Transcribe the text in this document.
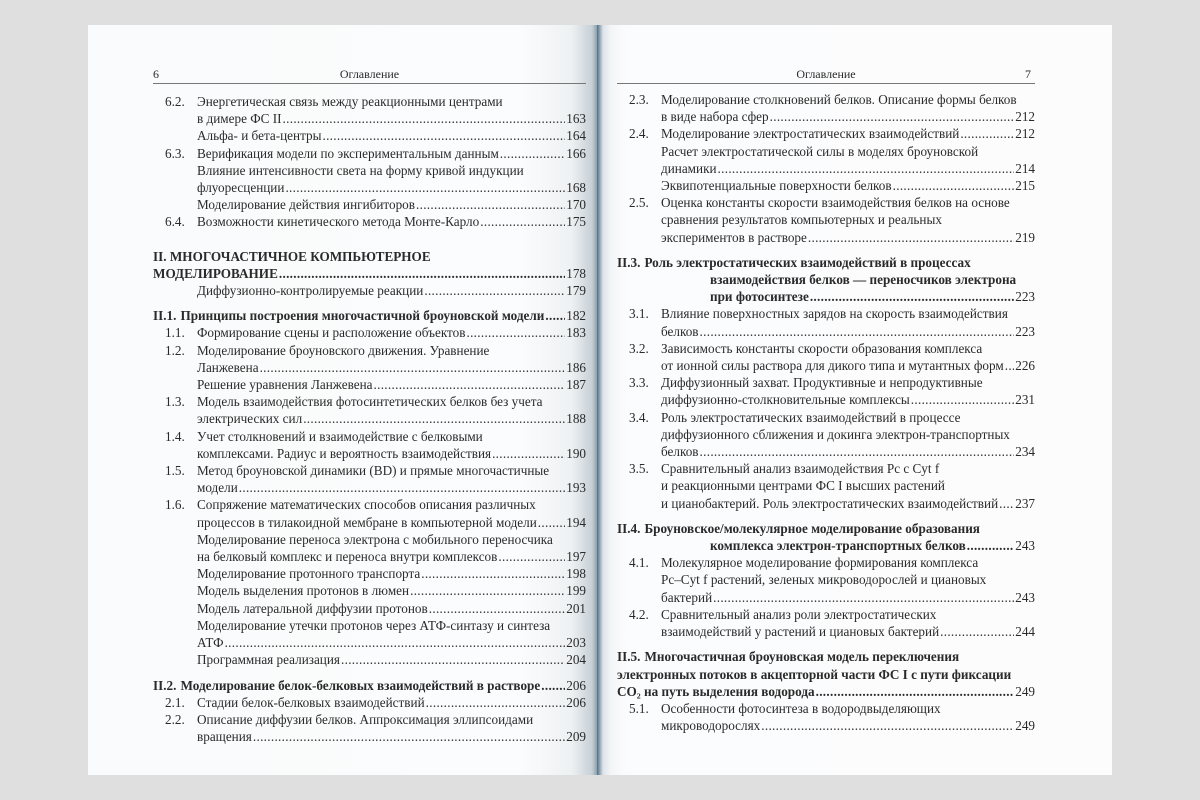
6	Оглавление
6.2. Энергетическая связь между реакционными центрами
в димере ФС II .....	163
Альфа- и бета-центры .....	164
6.3. Верификация модели по экспериментальным данным .....	166
Влияние интенсивности света на форму кривой индукции
флуоресценции .....	168
Моделирование действия ингибиторов .....	170
6.4. Возможности кинетического метода Монте-Карло .....	175
II. МНОГОЧАСТИЧНОЕ КОМПЬЮТЕРНОЕ
МОДЕЛИРОВАНИЕ .....	178
Диффузионно-контролируемые реакции .....	179
II.1. Принципы построения многочастичной броуновской модели ..... 182
1.1. Формирование сцены и расположение объектов .....	183
1.2. Моделирование броуновского движения. Уравнение
Ланжевена .....	186
Решение уравнения Ланжевена .....	187
1.3. Модель взаимодействия фотосинтетических белков без учета
электрических сил .....	188
1.4. Учет столкновений и взаимодействие с белковыми
комплексами. Радиус и вероятность взаимодействия .....	190
1.5. Метод броуновской динамики (BD) и прямые многочастичные
модели .....	193
1.6. Сопряжение математических способов описания различных
процессов в тилакоидной мембране в компьютерной модели ..... 194
Моделирование переноса электрона с мобильного переносчика
на белковый комплекс и переноса внутри комплексов .....	197
Моделирование протонного транспорта .....	198
Модель выделения протонов в люмен .....	199
Модель латеральной диффузии протонов .....	201
Моделирование утечки протонов через АТФ-синтазу и синтеза
АТФ .....	203
Программная реализация .....	204
II.2. Моделирование белок-белковых взаимодействий в растворе ..... 206
2.1. Стадии белок-белковых взаимодействий .....	206
2.2. Описание диффузии белков. Аппроксимация эллипсоидами
вращения .....	209
Оглавление	7
2.3. Моделирование столкновений белков. Описание формы белков
в виде набора сфер .....	212
2.4. Моделирование электростатических взаимодействий .....	212
Расчет электростатической силы в моделях броуновской
динамики .....	214
Эквипотенциальные поверхности белков .....	215
2.5. Оценка константы скорости взаимодействия белков на основе
сравнения результатов компьютерных и реальных
экспериментов в растворе .....	219
II.3. Роль электростатических взаимодействий в процессах
взаимодействия белков — переносчиков электрона
при фотосинтезе .....	223
3.1. Влияние поверхностных зарядов на скорость взаимодействия
белков .....	223
3.2. Зависимость константы скорости образования комплекса
от ионной силы раствора для дикого типа и мутантных форм ..... 226
3.3. Диффузионный захват. Продуктивные и непродуктивные
диффузионно-столкновительные комплексы .....	231
3.4. Роль электростатических взаимодействий в процессе
диффузионного сближения и докинга электрон-транспортных
белков .....	234
3.5. Сравнительный анализ взаимодействия Pc с Cyt f
и реакционными центрами ФС I высших растений
и цианобактерий. Роль электростатических взаимодействий ..... 237
II.4. Броуновское/молекулярное моделирование образования
комплекса электрон-транспортных белков .....	243
4.1. Молекулярное моделирование формирования комплекса
Pc–Cyt f растений, зеленых микроводорослей и циановых
бактерий .....	243
4.2. Сравнительный анализ роли электростатических
взаимодействий у растений и циановых бактерий .....	244
II.5. Многочастичная броуновская модель переключения
электронных потоков в акцепторной части ФС I с пути фиксации
CO₂ на путь выделения водорода .....	249
5.1. Особенности фотосинтеза в водородвыделяющих
микроводорослях .....	249
